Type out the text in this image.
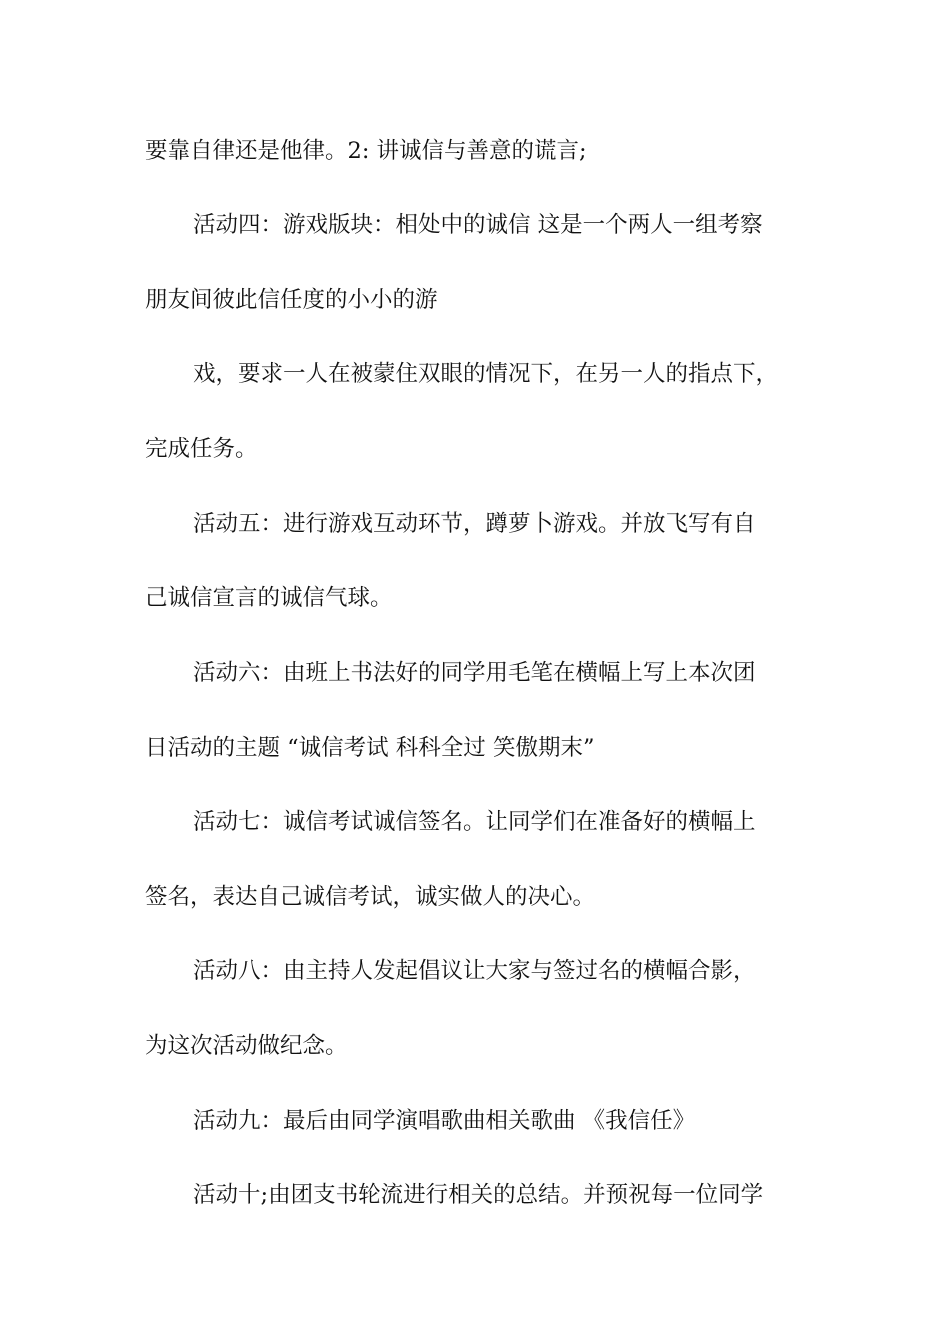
要靠自律还是他律。2: 讲诚信与善意的谎言;
活动四：游戏版块：相处中的诚信 这是一个两人一组考察
朋友间彼此信任度的小小的游
戏，要求一人在被蒙住双眼的情况下，在另一人的指点下，
完成任务。
活动五：进行游戏互动环节，蹲萝卜游戏。并放飞写有自
己诚信宣言的诚信气球。
活动六：由班上书法好的同学用毛笔在横幅上写上本次团
日活动的主题 “诚信考试 科科全过 笑傲期末”
活动七：诚信考试诚信签名。让同学们在准备好的横幅上
签名，表达自己诚信考试，诚实做人的决心。
活动八：由主持人发起倡议让大家与签过名的横幅合影，
为这次活动做纪念。
活动九：最后由同学演唱歌曲相关歌曲 《我信任》
活动十;由团支书轮流进行相关的总结。并预祝每一位同学
